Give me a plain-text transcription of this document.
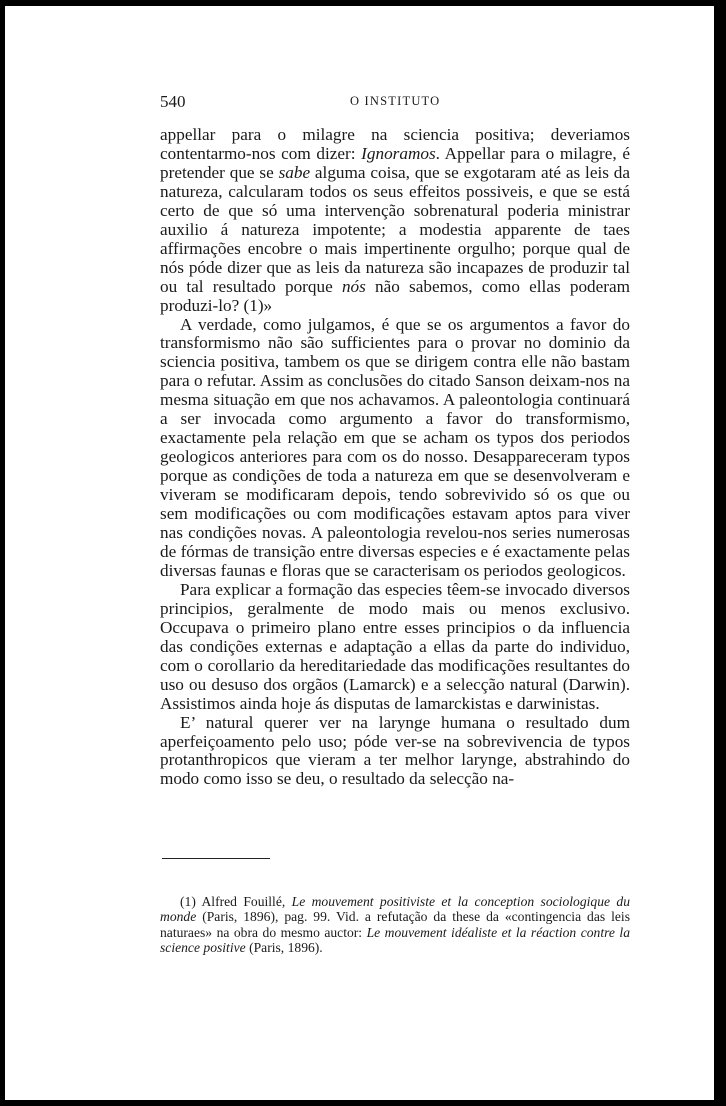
540	O INSTITUTO

appellar para o milagre na sciencia positiva; deveriamos contentarmo-nos com dizer: Ignoramos. Appellar para o milagre, é pretender que se sabe alguma coisa, que se exgotaram até as leis da natureza, calcularam todos os seus effeitos possiveis, e que se está certo de que só uma intervenção sobrenatural poderia ministrar auxilio á natureza impotente; a modestia apparente de taes affirmações encobre o mais impertinente orgulho; porque qual de nós póde dizer que as leis da natureza são incapazes de produzir tal ou tal resultado porque nós não sabemos, como ellas poderam produzi-lo? (1)»

A verdade, como julgamos, é que se os argumentos a favor do transformismo não são sufficientes para o provar no dominio da sciencia positiva, tambem os que se dirigem contra elle não bastam para o refutar. Assim as conclusões do citado Sanson deixam-nos na mesma situação em que nos achavamos. A paleontologia continuará a ser invocada como argumento a favor do transformismo, exactamente pela relação em que se acham os typos dos periodos geologicos anteriores para com os do nosso. Desappareceram typos porque as condições de toda a natureza em que se desenvolveram e viveram se modificaram depois, tendo sobrevivido só os que ou sem modificações ou com modificações estavam aptos para viver nas condições novas. A paleontologia revelou-nos series numerosas de fórmas de transição entre diversas especies e é exactamente pelas diversas faunas e floras que se caracterisam os periodos geologicos.

Para explicar a formação das especies têem-se invocado diversos principios, geralmente de modo mais ou menos exclusivo. Occupava o primeiro plano entre esses principios o da influencia das condições externas e adaptação a ellas da parte do individuo, com o corollario da hereditariedade das modificações resultantes do uso ou desuso dos orgãos (Lamarck) e a selecção natural (Darwin). Assistimos ainda hoje ás disputas de lamarckistas e darwinistas.

E’ natural querer ver na larynge humana o resultado dum aperfeiçoamento pelo uso; póde ver-se na sobrevivencia de typos protanthropicos que vieram a ter melhor larynge, abstrahindo do modo como isso se deu, o resultado da selecção na-

(1) Alfred Fouillé, Le mouvement positiviste et la conception sociologique du monde (Paris, 1896), pag. 99. Vid. a refutação da these da «contingencia das leis naturaes» na obra do mesmo auctor: Le mouvement idéaliste et la réaction contre la science positive (Paris, 1896).
